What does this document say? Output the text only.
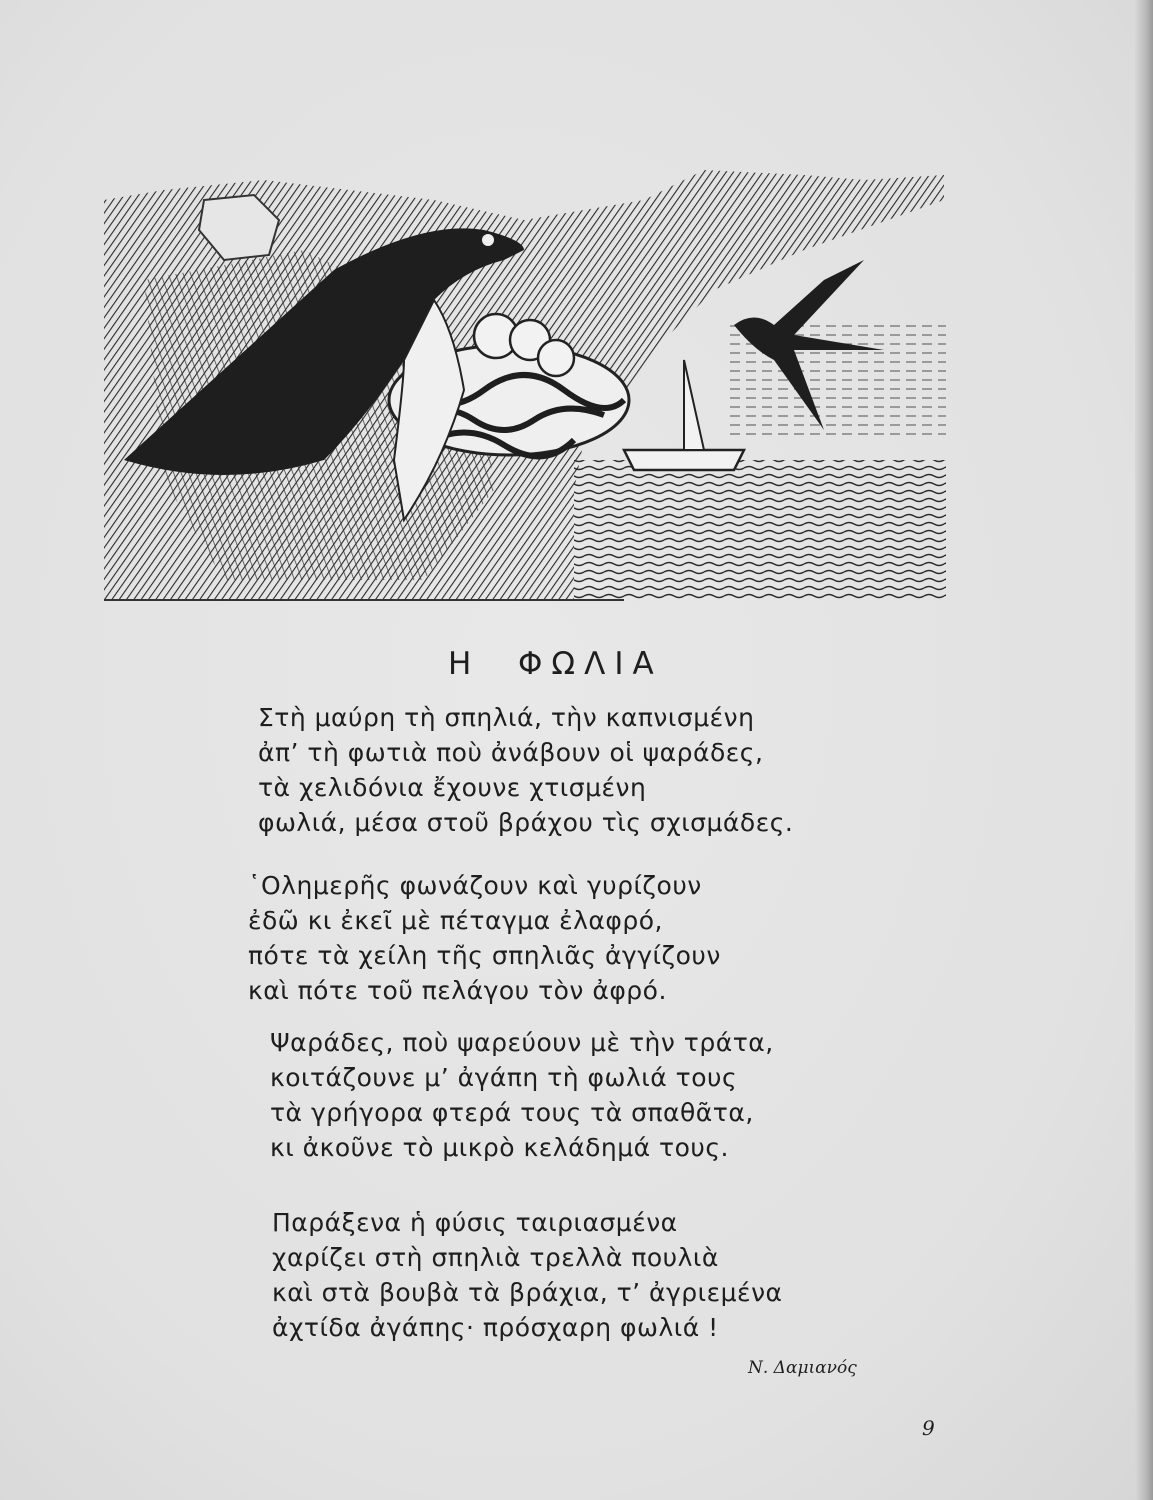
Η  ΦΩΛΙΑ
Στὴ μαύρη τὴ σπηλιά, τὴν καπνισμένη
ἀπ’ τὴ φωτιὰ ποὺ ἀνάβουν οἱ ψαράδες,
τὰ χελιδόνια ἔχουνε χτισμένη
φωλιά, μέσα στοῦ βράχου τὶς σχισμάδες.
῾Ολημερῆς φωνάζουν καὶ γυρίζουν
ἐδῶ κι ἐκεῖ μὲ πέταγμα ἐλαφρό,
πότε τὰ χείλη τῆς σπηλιᾶς ἀγγίζουν
καὶ πότε τοῦ πελάγου τὸν ἀφρό.
Ψαράδες, ποὺ ψαρεύουν μὲ τὴν τράτα,
κοιτάζουνε μ’ ἀγάπη τὴ φωλιά τους
τὰ γρήγορα φτερά τους τὰ σπαθᾶτα,
κι ἀκοῦνε τὸ μικρὸ κελάδημά τους.
Παράξενα ἡ φύσις ταιριασμένα
χαρίζει στὴ σπηλιὰ τρελλὰ πουλιὰ
καὶ στὰ βουβὰ τὰ βράχια, τ’ ἀγριεμένα
ἀχτίδα ἀγάπης· πρόσχαρη φωλιά !
Ν. Δαμιανός
9
